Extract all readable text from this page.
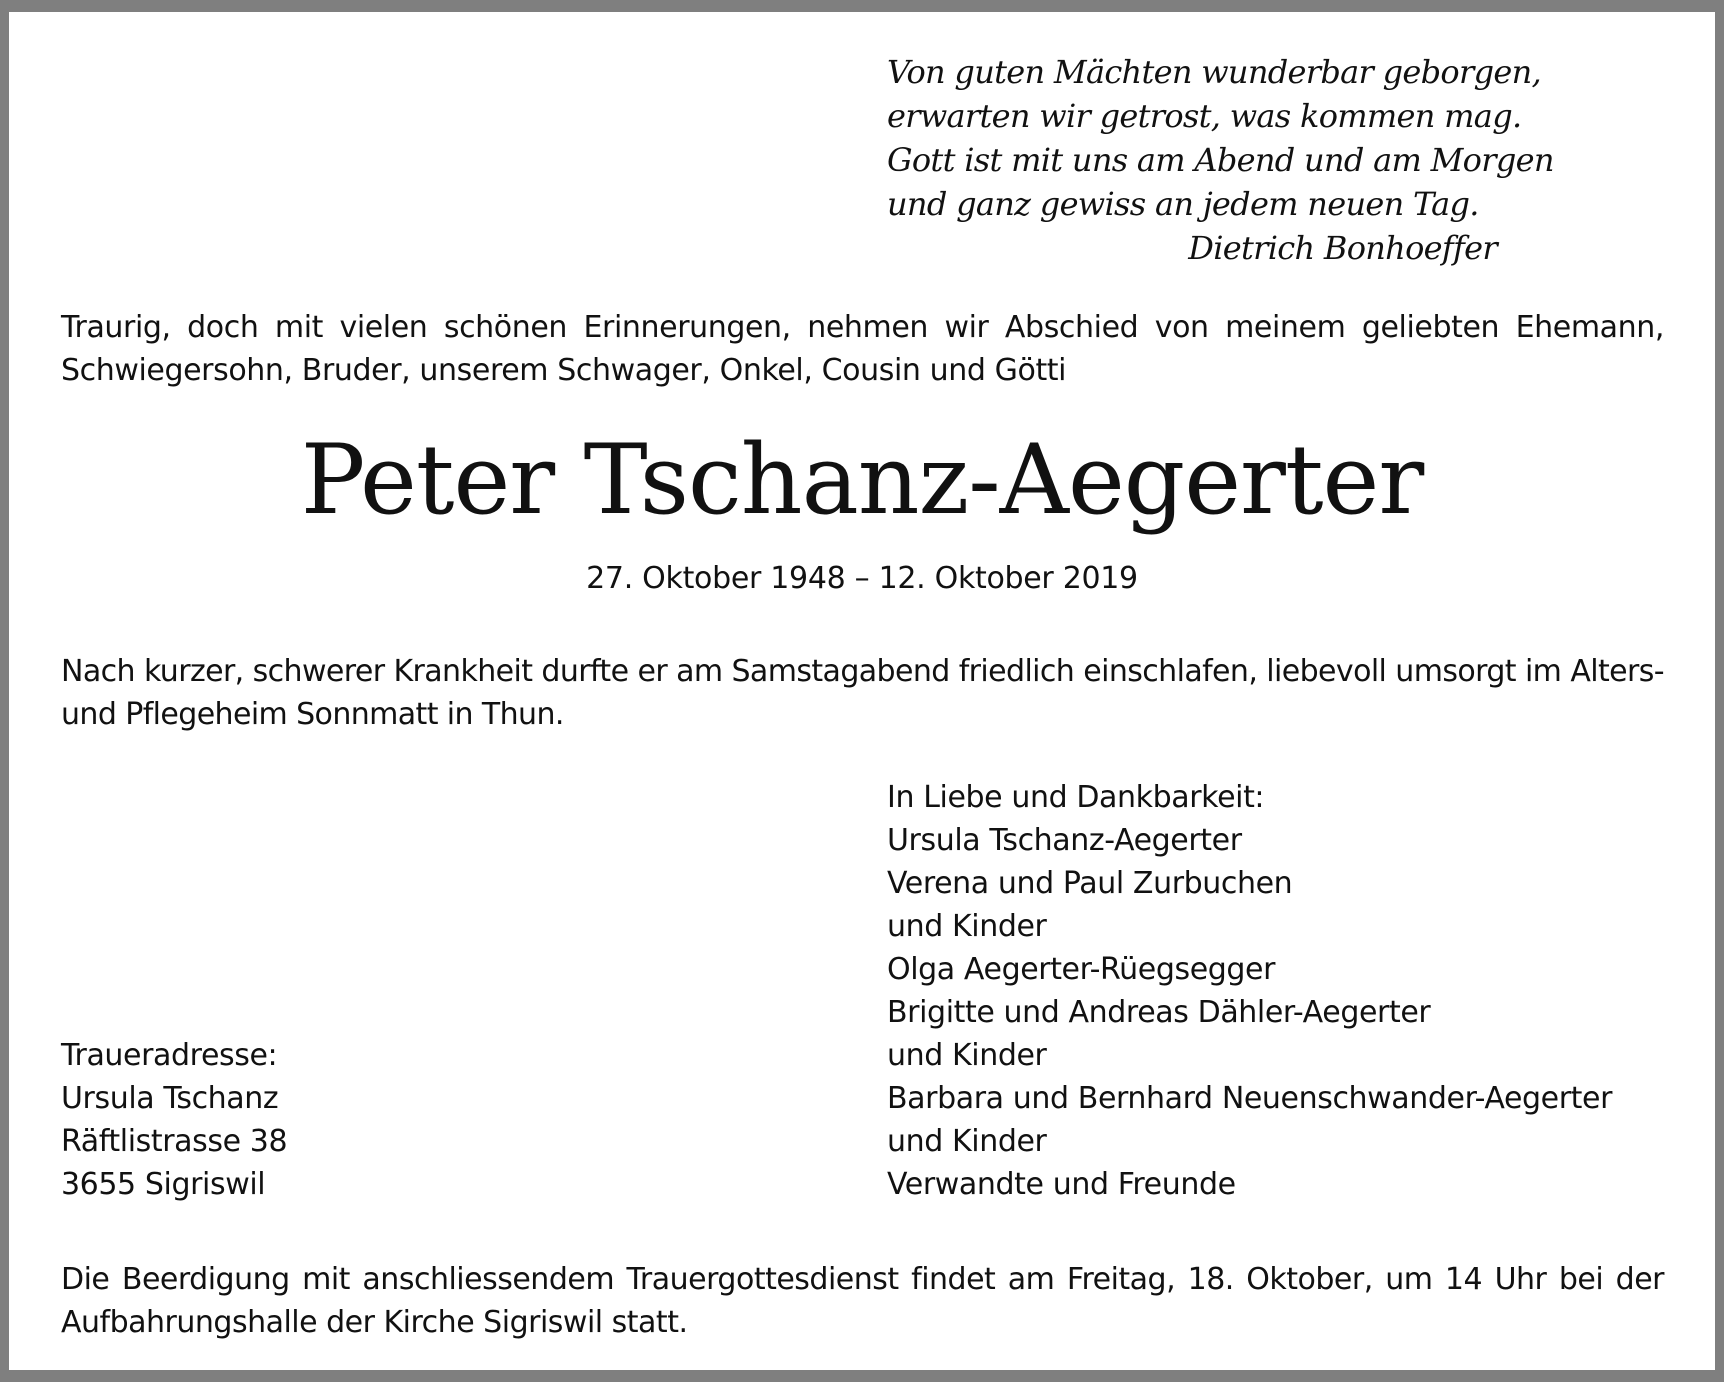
Von guten Mächten wunderbar geborgen,
erwarten wir getrost, was kommen mag.
Gott ist mit uns am Abend und am Morgen
und ganz gewiss an jedem neuen Tag.
Dietrich Bonhoeffer
Traurig, doch mit vielen schönen Erinnerungen, nehmen wir Abschied von meinem geliebten Ehemann, Schwiegersohn, Bruder, unserem Schwager, Onkel, Cousin und Götti
Peter Tschanz-Aegerter
27. Oktober 1948 – 12. Oktober 2019
Nach kurzer, schwerer Krankheit durfte er am Samstagabend friedlich einschlafen, liebevoll umsorgt im Alters- und Pflegeheim Sonnmatt in Thun.
In Liebe und Dankbarkeit:
Ursula Tschanz-Aegerter
Verena und Paul Zurbuchen
und Kinder
Olga Aegerter-Rüegsegger
Brigitte und Andreas Dähler-Aegerter
und Kinder
Barbara und Bernhard Neuenschwander-Aegerter
und Kinder
Verwandte und Freunde
Traueradresse:
Ursula Tschanz
Räftlistrasse 38
3655 Sigriswil
Die Beerdigung mit anschliessendem Trauergottesdienst findet am Freitag, 18. Oktober, um 14 Uhr bei der Aufbahrungshalle der Kirche Sigriswil statt.
